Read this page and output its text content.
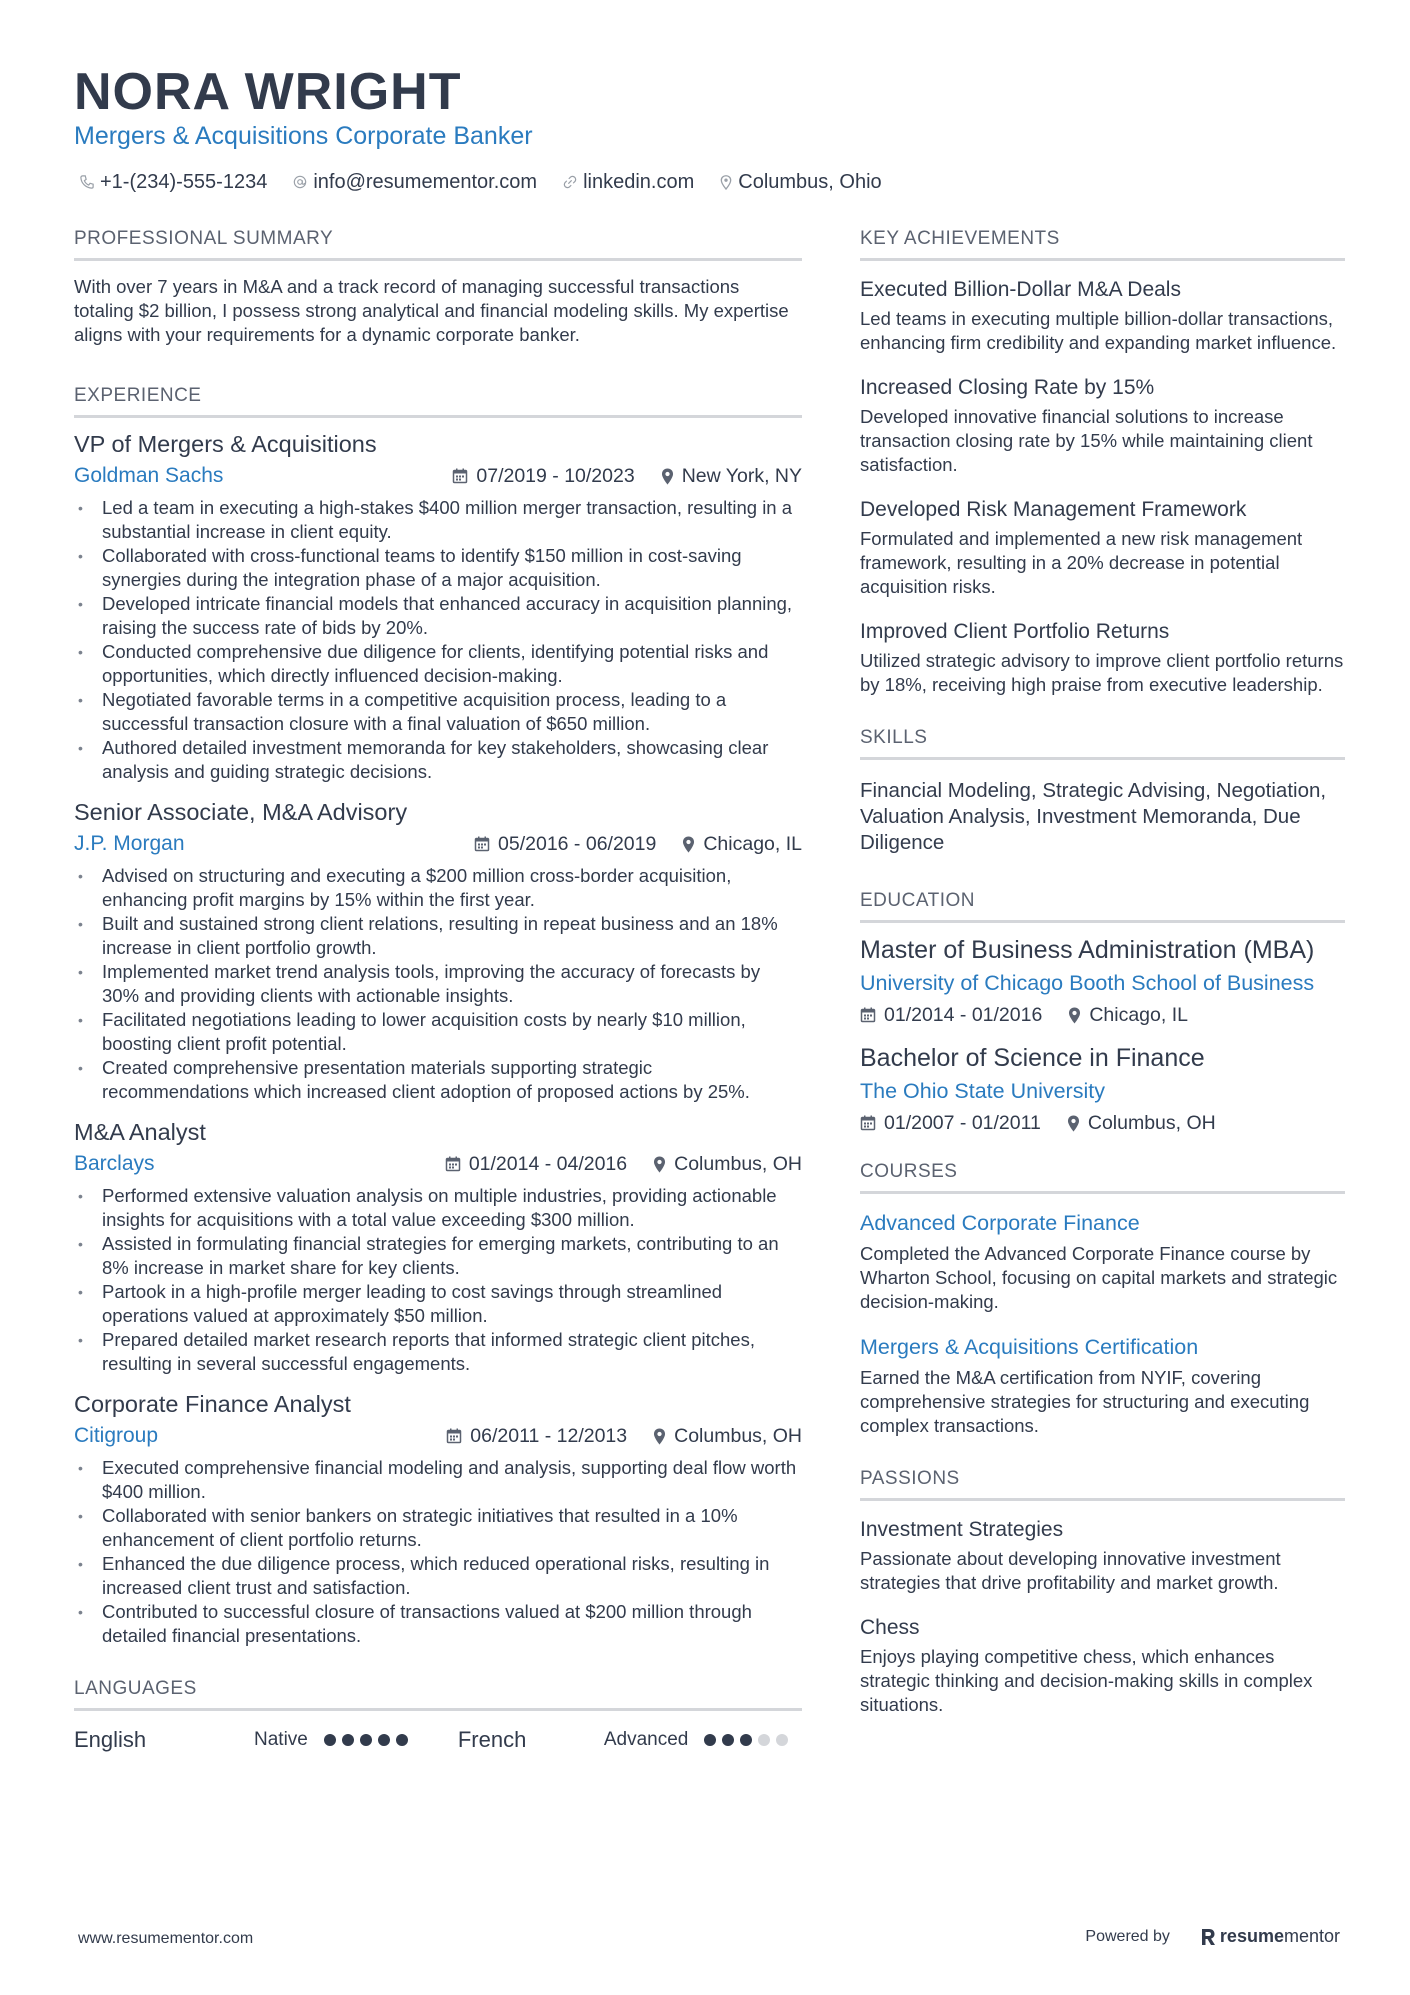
NORA WRIGHT
Mergers & Acquisitions Corporate Banker
+1-(234)-555-1234 info@resumementor.com linkedin.com Columbus, Ohio
PROFESSIONAL SUMMARY
With over 7 years in M&A and a track record of managing successful transactions totaling $2 billion, I possess strong analytical and financial modeling skills. My expertise aligns with your requirements for a dynamic corporate banker.
EXPERIENCE
VP of Mergers & Acquisitions
Goldman Sachs	07/2019 - 10/2023 New York, NY
• Led a team in executing a high-stakes $400 million merger transaction, resulting in a substantial increase in client equity.
• Collaborated with cross-functional teams to identify $150 million in cost-saving synergies during the integration phase of a major acquisition.
• Developed intricate financial models that enhanced accuracy in acquisition planning, raising the success rate of bids by 20%.
• Conducted comprehensive due diligence for clients, identifying potential risks and opportunities, which directly influenced decision-making.
• Negotiated favorable terms in a competitive acquisition process, leading to a successful transaction closure with a final valuation of $650 million.
• Authored detailed investment memoranda for key stakeholders, showcasing clear analysis and guiding strategic decisions.
Senior Associate, M&A Advisory
J.P. Morgan	05/2016 - 06/2019 Chicago, IL
• Advised on structuring and executing a $200 million cross-border acquisition, enhancing profit margins by 15% within the first year.
• Built and sustained strong client relations, resulting in repeat business and an 18% increase in client portfolio growth.
• Implemented market trend analysis tools, improving the accuracy of forecasts by 30% and providing clients with actionable insights.
• Facilitated negotiations leading to lower acquisition costs by nearly $10 million, boosting client profit potential.
• Created comprehensive presentation materials supporting strategic recommendations which increased client adoption of proposed actions by 25%.
M&A Analyst
Barclays	01/2014 - 04/2016 Columbus, OH
• Performed extensive valuation analysis on multiple industries, providing actionable insights for acquisitions with a total value exceeding $300 million.
• Assisted in formulating financial strategies for emerging markets, contributing to an 8% increase in market share for key clients.
• Partook in a high-profile merger leading to cost savings through streamlined operations valued at approximately $50 million.
• Prepared detailed market research reports that informed strategic client pitches, resulting in several successful engagements.
Corporate Finance Analyst
Citigroup	06/2011 - 12/2013 Columbus, OH
• Executed comprehensive financial modeling and analysis, supporting deal flow worth $400 million.
• Collaborated with senior bankers on strategic initiatives that resulted in a 10% enhancement of client portfolio returns.
• Enhanced the due diligence process, which reduced operational risks, resulting in increased client trust and satisfaction.
• Contributed to successful closure of transactions valued at $200 million through detailed financial presentations.
LANGUAGES
English	Native	French	Advanced
KEY ACHIEVEMENTS
Executed Billion-Dollar M&A Deals
Led teams in executing multiple billion-dollar transactions, enhancing firm credibility and expanding market influence.
Increased Closing Rate by 15%
Developed innovative financial solutions to increase transaction closing rate by 15% while maintaining client satisfaction.
Developed Risk Management Framework
Formulated and implemented a new risk management framework, resulting in a 20% decrease in potential acquisition risks.
Improved Client Portfolio Returns
Utilized strategic advisory to improve client portfolio returns by 18%, receiving high praise from executive leadership.
SKILLS
Financial Modeling, Strategic Advising, Negotiation, Valuation Analysis, Investment Memoranda, Due Diligence
EDUCATION
Master of Business Administration (MBA)
University of Chicago Booth School of Business
01/2014 - 01/2016 Chicago, IL
Bachelor of Science in Finance
The Ohio State University
01/2007 - 01/2011 Columbus, OH
COURSES
Advanced Corporate Finance
Completed the Advanced Corporate Finance course by Wharton School, focusing on capital markets and strategic decision-making.
Mergers & Acquisitions Certification
Earned the M&A certification from NYIF, covering comprehensive strategies for structuring and executing complex transactions.
PASSIONS
Investment Strategies
Passionate about developing innovative investment strategies that drive profitability and market growth.
Chess
Enjoys playing competitive chess, which enhances strategic thinking and decision-making skills in complex situations.
www.resumementor.com	Powered by	resume mentor
